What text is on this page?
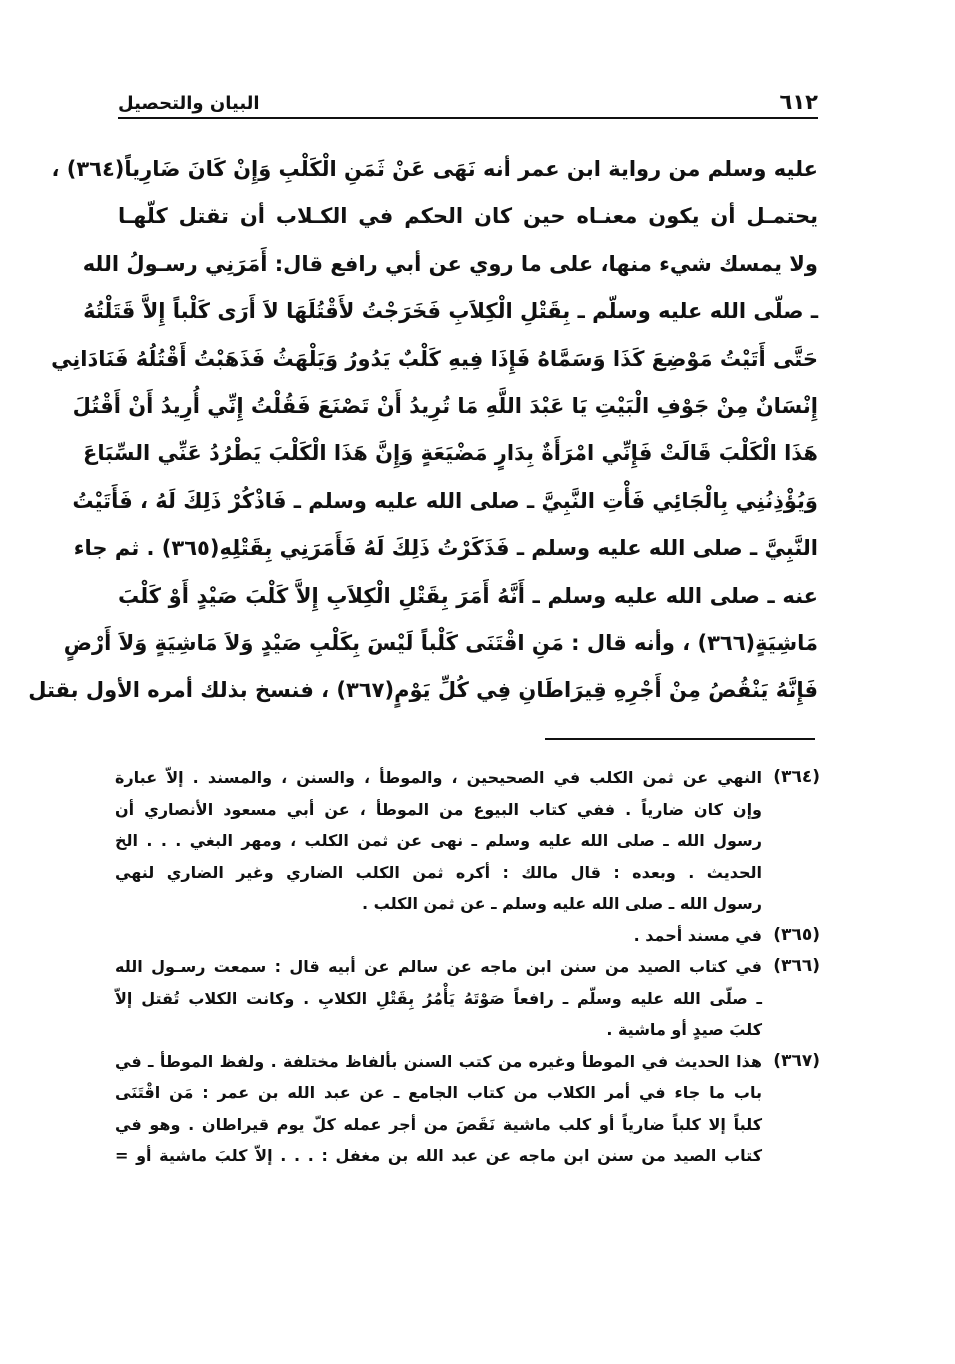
٦١٢
البيان والتحصيل
عليه وسلم من رواية ابن عمر أنه نَهَى عَنْ ثَمَنِ الْكَلْبِ وَإِنْ كَانَ ضَارِياً(٣٦٤) ،
يحتمـل أن يكون معنـاه حين كان الحكم في الكـلاب أن تقتل كلّهـا
ولا يمسك شيء منها، على ما روي عن أبي رافع قال: أَمَرَنِي رسـولُ الله
ـ صلّى الله عليه وسلّم ـ بِقَتْلِ الْكِلاَبِ فَخَرَجْتُ لأَقْتُلَهَا لاَ أَرَى كَلْباً إِلاَّ قَتَلْتُهُ
حَتَّى أَتَيْتُ مَوْضِعَ كَذَا وَسَمَّاهُ فَإِذَا فِيهِ كَلْبٌ يَدُورُ وَيَلْهَثُ فَذَهَبْتُ أَقْتُلُهُ فَنَادَانِي
إِنْسَانٌ مِنْ جَوْفِ الْبَيْتِ يَا عَبْدَ اللَّهِ مَا تُرِيدُ أَنْ تَصْنَعَ فَقُلْتُ إِنِّي أُرِيدُ أَنْ أَقْتُلَ
هَذَا الْكَلْبَ قَالَتْ فَإِنِّي امْرَأَةٌ بِدَارٍ مَضْيَعَةٍ وَإِنَّ هَذَا الْكَلْبَ يَطْرُدُ عَنِّي السِّبَاعَ
وَيُؤْذِنُنِي بِالْجَائِي فَأْتِ النَّبِيَّ ـ صلى الله عليه وسلم ـ فَاذْكُرْ ذَلِكَ لَهُ ، فَأَتَيْتُ
النَّبِيَّ ـ صلى الله عليه وسلم ـ فَذَكَرْتُ ذَلِكَ لَهُ فَأَمَرَنِي بِقَتْلِهِ(٣٦٥) . ثم جاء
عنه ـ صلى الله عليه وسلم ـ أَنَّهُ أَمَرَ بِقَتْلِ الْكِلاَبِ إِلاَّ كَلْبَ صَيْدٍ أَوْ كَلْبَ
مَاشِيَةٍ(٣٦٦) ، وأنه قال : مَنِ اقْتَنَى كَلْباً لَيْسَ بِكَلْبِ صَيْدٍ وَلاَ مَاشِيَةٍ وَلاَ أَرْضٍ
فَإِنَّهُ يَنْقُصُ مِنْ أَجْرِهِ قِيرَاطَانِ فِي كُلِّ يَوْمٍ(٣٦٧) ، فنسخ بذلك أمره الأول بقتل
(٣٦٤)
النهي عن ثمن الكلب في الصحيحين ، والموطأ ، والسنن ، والمسند . إلاّ عبارة
وإن كان ضارياً . ففي كتاب البيوع من الموطأ ، عن أبي مسعود الأنصاري أن
رسول الله ـ صلى الله عليه وسلم ـ نهى عن ثمن الكلب ، ومهر البغي . . . الخ
الحديث . وبعده : قال مالك : أكره ثمن الكلب الضاري وغير الضاري لنهي
رسول الله ـ صلى الله عليه وسلم ـ عن ثمن الكلب .
(٣٦٥)
في مسند أحمد .
(٣٦٦)
في كتاب الصيد من سنن ابن ماجه عن سالم عن أبيه قال : سمعت رسـول الله
ـ صلّى الله عليه وسلّم ـ رافعاً صَوْتَهُ يَأْمُرُ بِقَتْلِ الكلابِ . وكانت الكلاب تُقتل إلاّ
كلبَ صيدٍ أو ماشية .
(٣٦٧)
هذا الحديث في الموطأ وغيره من كتب السنن بألفاظ مختلفة . ولفظ الموطأ ـ في
باب ما جاء في أمر الكلاب من كتاب الجامع ـ عن عبد الله بن عمر : مَن اقْتَنَى
كلباً إلا كلباً ضارياً أو كلب ماشية نَقَصَ من أجر عمله كلّ يوم قيراطان . وهو في
كتاب الصيد من سنن ابن ماجه عن عبد الله بن مغفل : . . . إلاّ كلبَ ماشية أو =
